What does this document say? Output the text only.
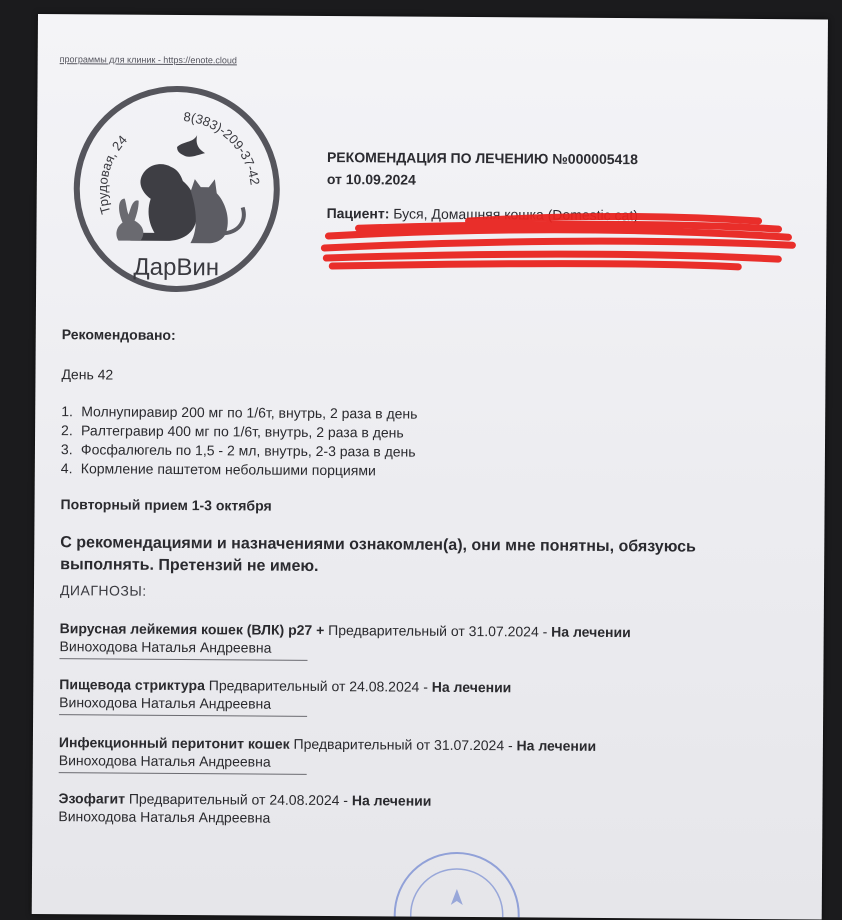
программы для клиник - https://enote.cloud
Трудовая, 24
8(383)-209-37-42
ДарВин
РЕКОМЕНДАЦИЯ ПО ЛЕЧЕНИЮ №000005418
от 10.09.2024
Пациент: Буся, Домашняя кошка (Domestic cat)
Рекомендовано:
День 42
1. Молнупиравир 200 мг по 1/6т, внутрь, 2 раза в день
2. Ралтегравир 400 мг по 1/6т, внутрь, 2 раза в день
3. Фосфалюгель по 1,5 - 2 мл, внутрь, 2-3 раза в день
4. Кормление паштетом небольшими порциями
Повторный прием 1-3 октября
С рекомендациями и назначениями ознакомлен(а), они мне понятны, обязуюсь выполнять. Претензий не имею.
ДИАГНОЗЫ:
Вирусная лейкемия кошек (ВЛК) р27 + Предварительный от 31.07.2024 - На лечении
Виноходова Наталья Андреевна
Пищевода стриктура Предварительный от 24.08.2024 - На лечении
Виноходова Наталья Андреевна
Инфекционный перитонит кошек Предварительный от 31.07.2024 - На лечении
Виноходова Наталья Андреевна
Эзофагит Предварительный от 24.08.2024 - На лечении
Виноходова Наталья Андреевна
